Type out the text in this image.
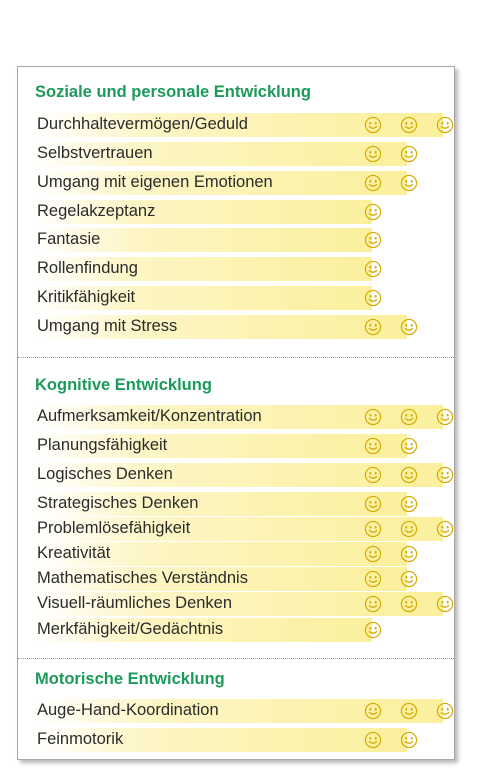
Soziale und personale Entwicklung
Durchhaltevermögen/Geduld
Selbstvertrauen
Umgang mit eigenen Emotionen
Regelakzeptanz
Fantasie
Rollenfindung
Kritikfähigkeit
Umgang mit Stress
Kognitive Entwicklung
Aufmerksamkeit/Konzentration
Planungsfähigkeit
Logisches Denken
Strategisches Denken
Problemlösefähigkeit
Kreativität
Mathematisches Verständnis
Visuell-räumliches Denken
Merkfähigkeit/Gedächtnis
Motorische Entwicklung
Auge-Hand-Koordination
Feinmotorik
